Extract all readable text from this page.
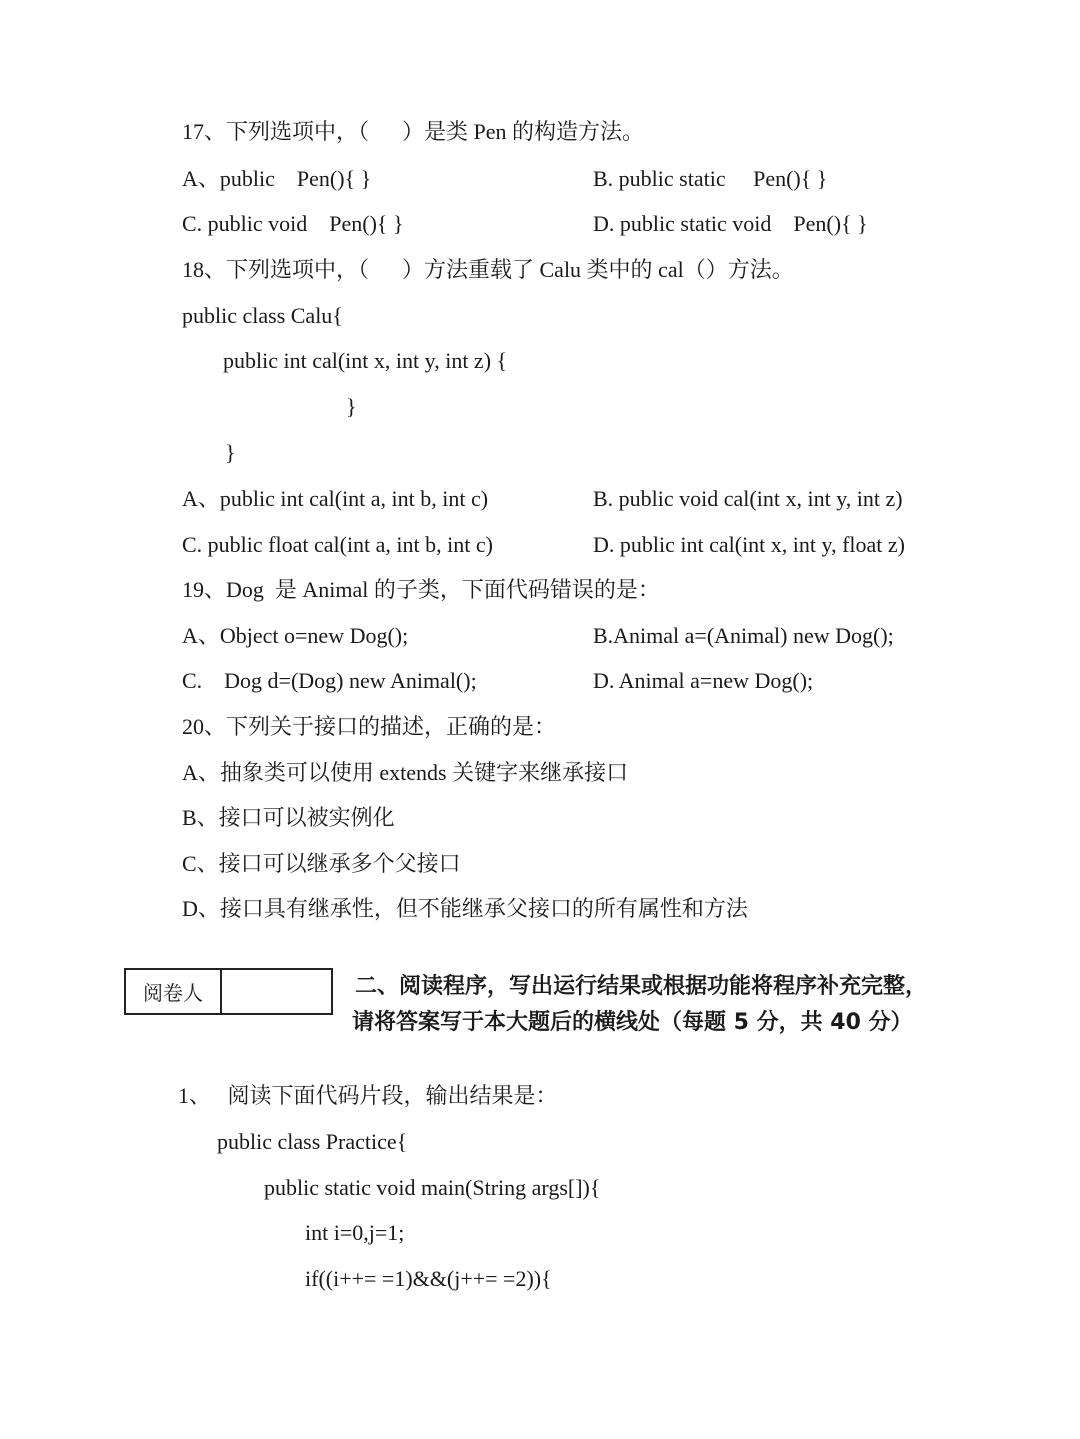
17、下列选项中，（      ）是类 Pen 的构造方法。
A、public    Pen(){ }	B. public static     Pen(){ }
C. public void    Pen(){ }	D. public static void    Pen(){ }
18、下列选项中，（      ）方法重载了 Calu 类中的 cal（）方法。
public class Calu{
public int cal(int x, int y, int z) {
}
}
A、public int cal(int a, int b, int c)	B. public void cal(int x, int y, int z)
C. public float cal(int a, int b, int c)	D. public int cal(int x, int y, float z)
19、Dog  是 Animal 的子类，下面代码错误的是：
A、Object o=new Dog();	B.Animal a=(Animal) new Dog();
C.    Dog d=(Dog) new Animal();	D. Animal a=new Dog();
20、下列关于接口的描述，正确的是：
A、抽象类可以使用 extends 关键字来继承接口
B、接口可以被实例化
C、接口可以继承多个父接口
D、接口具有继承性，但不能继承父接口的所有属性和方法
阅卷人	二、阅读程序，写出运行结果或根据功能将程序补充完整，
请将答案写于本大题后的横线处（每题 5 分，共 40 分）
1、   阅读下面代码片段，输出结果是：
public class Practice{
public static void main(String args[]){
int i=0,j=1;
if((i++= =1)&&(j++= =2)){
